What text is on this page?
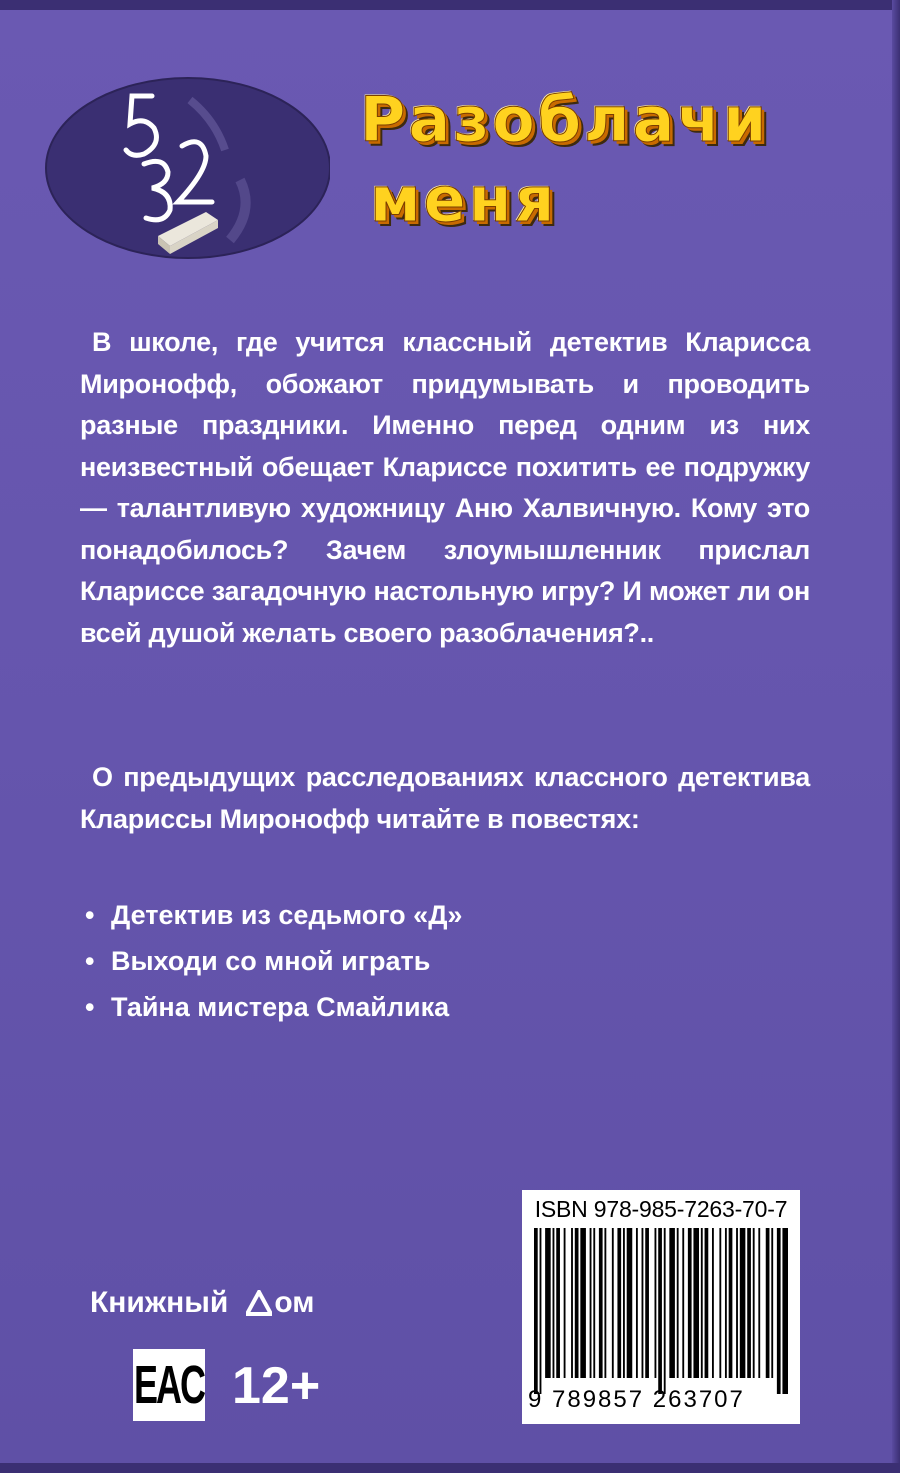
Разоблачи
меня
В школе, где учится классный детектив Кларисса Миронофф, обожают придумывать и проводить разные праздники. Именно перед одним из них неизвестный обещает Клариссе похитить ее подружку — талантливую художницу Аню Халвичную. Кому это понадобилось? Зачем злоумышленник прислал Клариссе загадочную настольную игру? И может ли он всей душой желать своего разоблачения?..
О предыдущих расследованиях классного детектива Клариссы Миронофф читайте в повестях:
• Детектив из седьмого «Д»
• Выходи со мной играть
• Тайна мистера Смайлика
Книжный ом
EAC 12+
ISBN 978-985-7263-70-7
9 789857 263707
